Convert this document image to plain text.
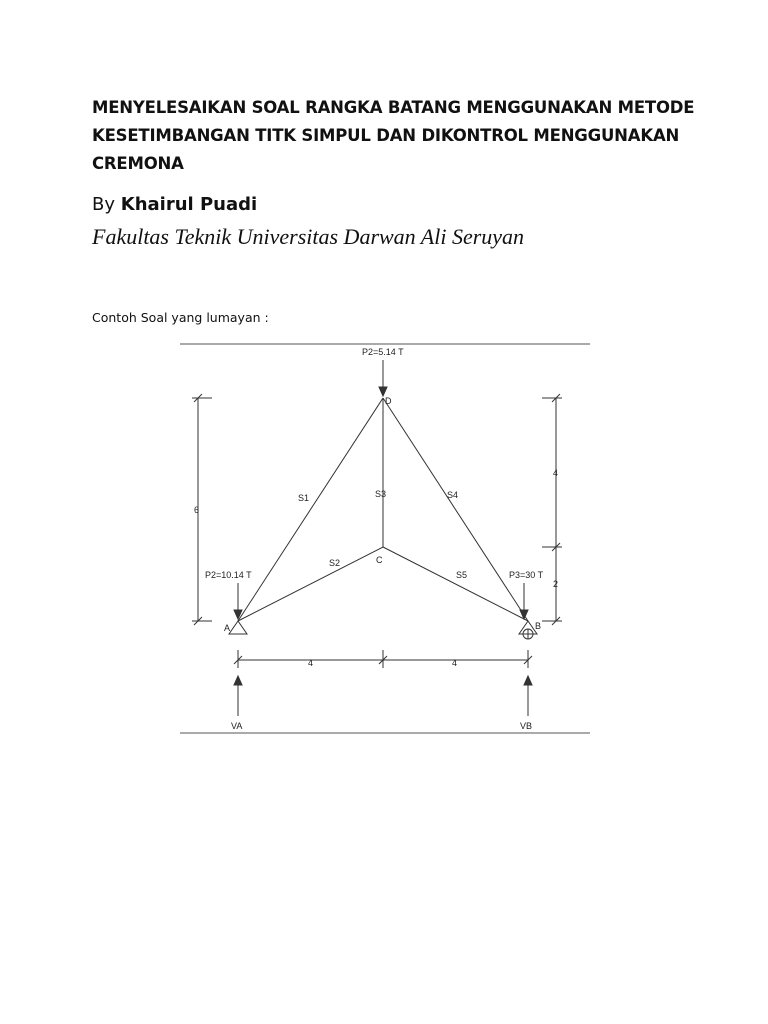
MENYELESAIKAN SOAL RANGKA BATANG MENGGUNAKAN METODE
KESETIMBANGAN TITK SIMPUL DAN DIKONTROL MENGGUNAKAN
CREMONA
By Khairul Puadi
Fakultas Teknik Universitas Darwan Ali Seruyan
Contoh Soal yang lumayan :
P2=5.14 T
P2=10.14 T	P3=30 T
A	B
C
D
S1
S2
S3	S4
S5
6
4
2
4	4
VA	VB
